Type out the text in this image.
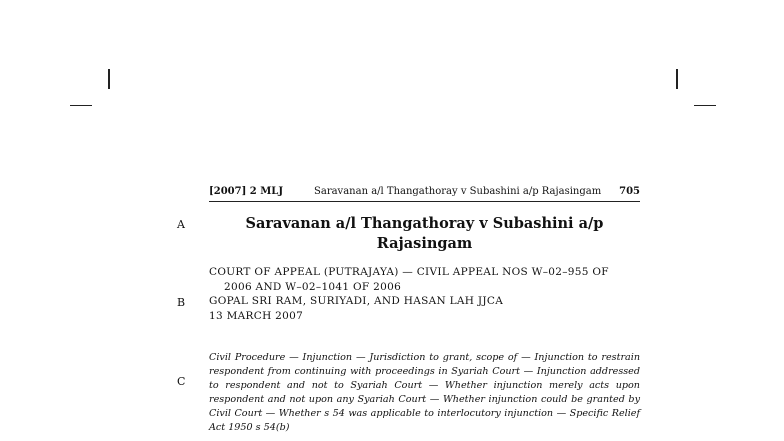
[2007] 2 MLJ	Saravanan a/l Thangathoray v Subashini a/p Rajasingam 705
A
B
C
Saravanan a/l Thangathoray v Subashini a/p Rajasingam
COURT OF APPEAL (PUTRAJAYA) — CIVIL APPEAL NOS W–02–955 OF
2006 AND W–02–1041 OF 2006
GOPAL SRI RAM, SURIYADI, AND HASAN LAH JJCA
13 MARCH 2007
Civil Procedure — Injunction — Jurisdiction to grant, scope of — Injunction to restrain respondent from continuing with proceedings in Syariah Court — Injunction addressed to respondent and not to Syariah Court — Whether injunction merely acts upon respondent and not upon any Syariah Court — Whether injunction could be granted by Civil Court — Whether s 54 was applicable to interlocutory injunction — Specific Relief Act 1950 s 54(b)
